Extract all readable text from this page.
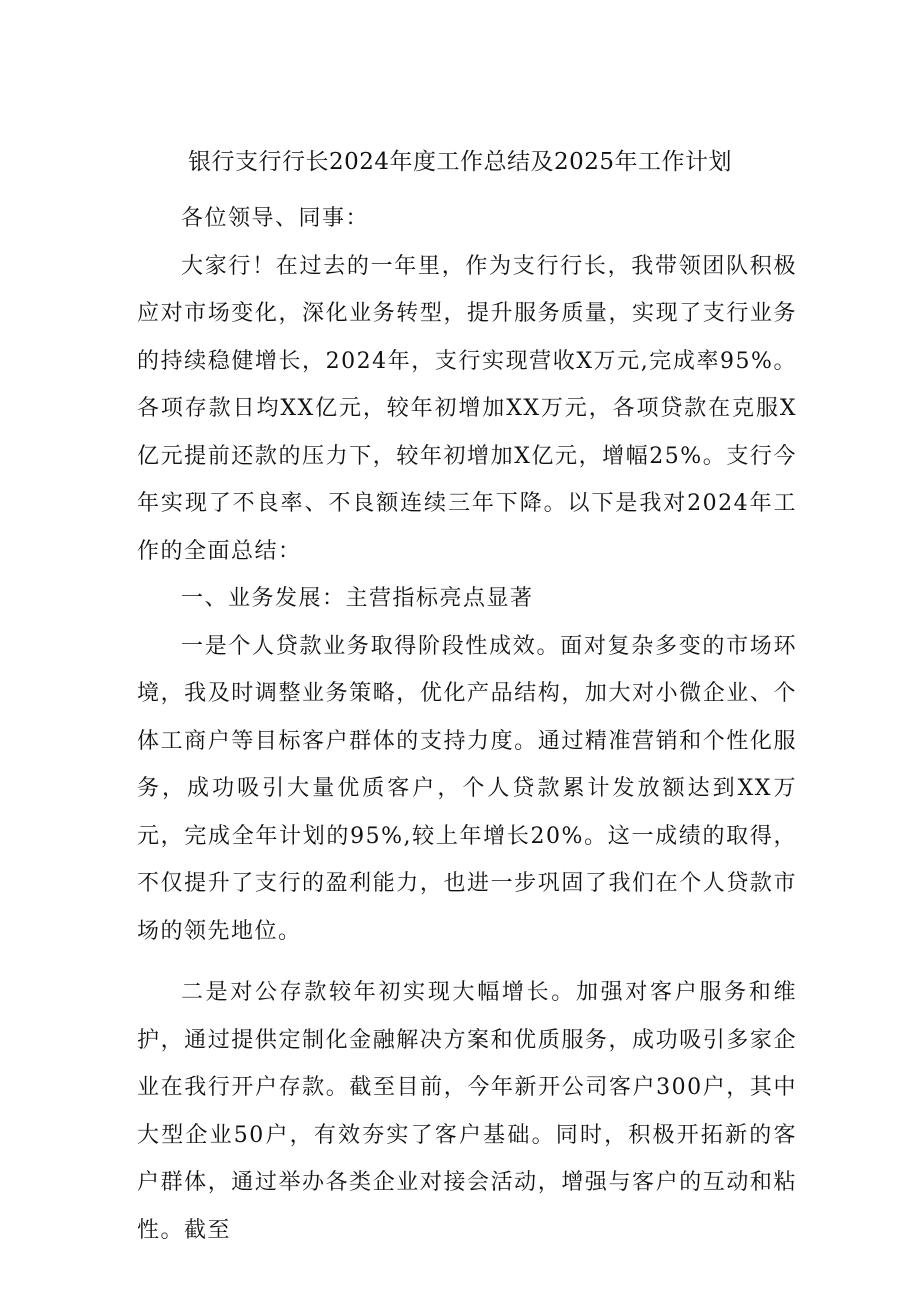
银行支行行长2024年度工作总结及2025年工作计划

各位领导、同事：

大家行！在过去的一年里，作为支行行长，我带领团队积极应对市场变化，深化业务转型，提升服务质量，实现了支行业务的持续稳健增长，2024年，支行实现营收X万元,完成率95%。各项存款日均XX亿元，较年初增加XX万元，各项贷款在克服X亿元提前还款的压力下，较年初增加X亿元，增幅25%。支行今年实现了不良率、不良额连续三年下降。以下是我对2024年工作的全面总结：

一、业务发展：主营指标亮点显著

一是个人贷款业务取得阶段性成效。面对复杂多变的市场环境，我及时调整业务策略，优化产品结构，加大对小微企业、个体工商户等目标客户群体的支持力度。通过精准营销和个性化服务，成功吸引大量优质客户，个人贷款累计发放额达到XX万元，完成全年计划的95%,较上年增长20%。这一成绩的取得，不仅提升了支行的盈利能力，也进一步巩固了我们在个人贷款市场的领先地位。

二是对公存款较年初实现大幅增长。加强对客户服务和维护，通过提供定制化金融解决方案和优质服务，成功吸引多家企业在我行开户存款。截至目前，今年新开公司客户300户，其中大型企业50户，有效夯实了客户基础。同时，积极开拓新的客户群体，通过举办各类企业对接会活动，增强与客户的互动和粘性。截至
